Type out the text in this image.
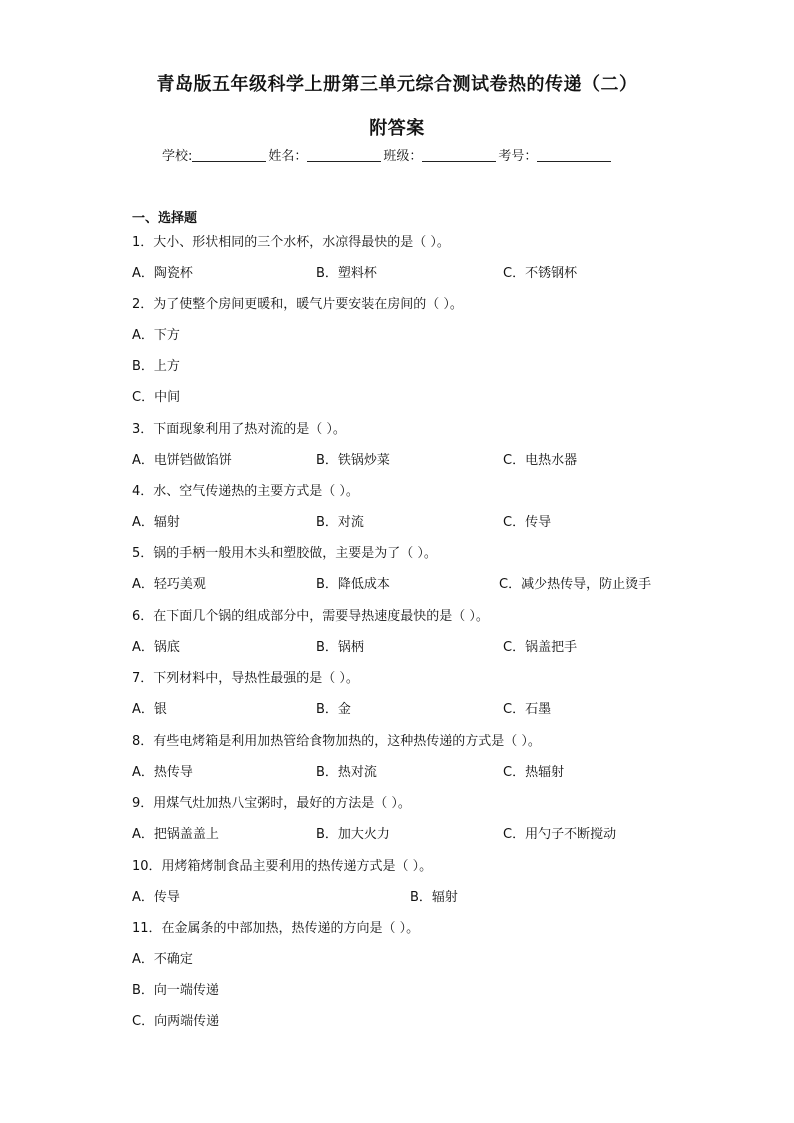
青岛版五年级科学上册第三单元综合测试卷热的传递（二）
附答案
学校:	姓名：	班级：	考号：
一、选择题
1．大小、形状相同的三个水杯，水凉得最快的是（ ）。
A．陶瓷杯	B．塑料杯	C．不锈钢杯
2．为了使整个房间更暖和，暖气片要安装在房间的（ ）。
A．下方
B．上方
C．中间
3．下面现象利用了热对流的是（ ）。
A．电饼铛做馅饼	B．铁锅炒菜	C．电热水器
4．水、空气传递热的主要方式是（ ）。
A．辐射	B．对流	C．传导
5．锅的手柄一般用木头和塑胶做，主要是为了（ ）。
A．轻巧美观	B．降低成本	C．减少热传导，防止烫手
6．在下面几个锅的组成部分中，需要导热速度最快的是（ ）。
A．锅底	B．锅柄	C．锅盖把手
7．下列材料中，导热性最强的是（ ）。
A．银	B．金	C．石墨
8．有些电烤箱是利用加热管给食物加热的，这种热传递的方式是（ ）。
A．热传导	B．热对流	C．热辐射
9．用煤气灶加热八宝粥时，最好的方法是（ ）。
A．把锅盖盖上	B．加大火力	C．用勺子不断搅动
10．用烤箱烤制食品主要利用的热传递方式是（ ）。
A．传导	B．辐射
11．在金属条的中部加热，热传递的方向是（ ）。
A．不确定
B．向一端传递
C．向两端传递
